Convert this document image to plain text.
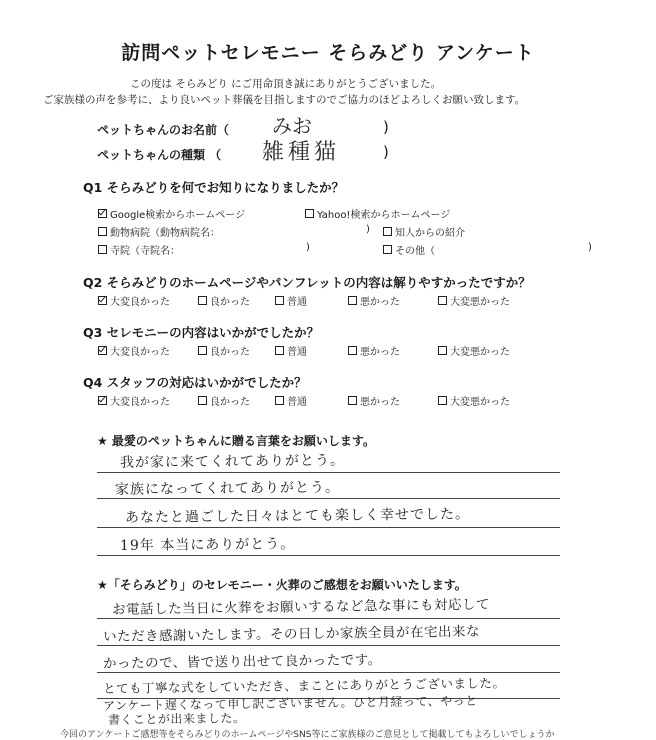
訪問ペットセレモニー そらみどり アンケート
この度は そらみどり にご用命頂き誠にありがとうございました。
ご家族様の声を参考に、より良いペット葬儀を目指しますのでご協力のほどよろしくお願い致します。
ペットちゃんのお名前（ みお	)
ペットちゃんの種類 （ 雑種猫	)
Q1 そらみどりを何でお知りになりましたか？
Google検索からホームページ	Yahoo!検索からホームページ
動物病院（動物病院名：	)	知人からの紹介
寺院（寺院名：	)	その他（	)
Q2 そらみどりのホームページやパンフレットの内容は解りやすかったですか？
大変良かった	良かった	普通	悪かった	大変悪かった
Q3 セレモニーの内容はいかがでしたか？
大変良かった	良かった	普通	悪かった	大変悪かった
Q4 スタッフの対応はいかがでしたか？
大変良かった	良かった	普通	悪かった	大変悪かった
★ 最愛のペットちゃんに贈る言葉をお願いします。
我が家に来てくれてありがとう。
家族になってくれてありがとう。
あなたと過ごした日々はとても楽しく幸せでした。
19年 本当にありがとう。
★「そらみどり」のセレモニー・火葬のご感想をお願いいたします。
お電話した当日に火葬をお願いするなど急な事にも対応して
いただき感謝いたします。その日しか家族全員が在宅出来な
かったので、皆で送り出せて良かったです。
とても丁寧な式をしていただき、まことにありがとうございました。
アンケート遅くなって申し訳ございません。ひと月経って、やっと
書くことが出来ました。
今回のアンケートご感想等をそらみどりのホームページやSNS等にご家族様のご意見として掲載してもよろしいでしょうか
